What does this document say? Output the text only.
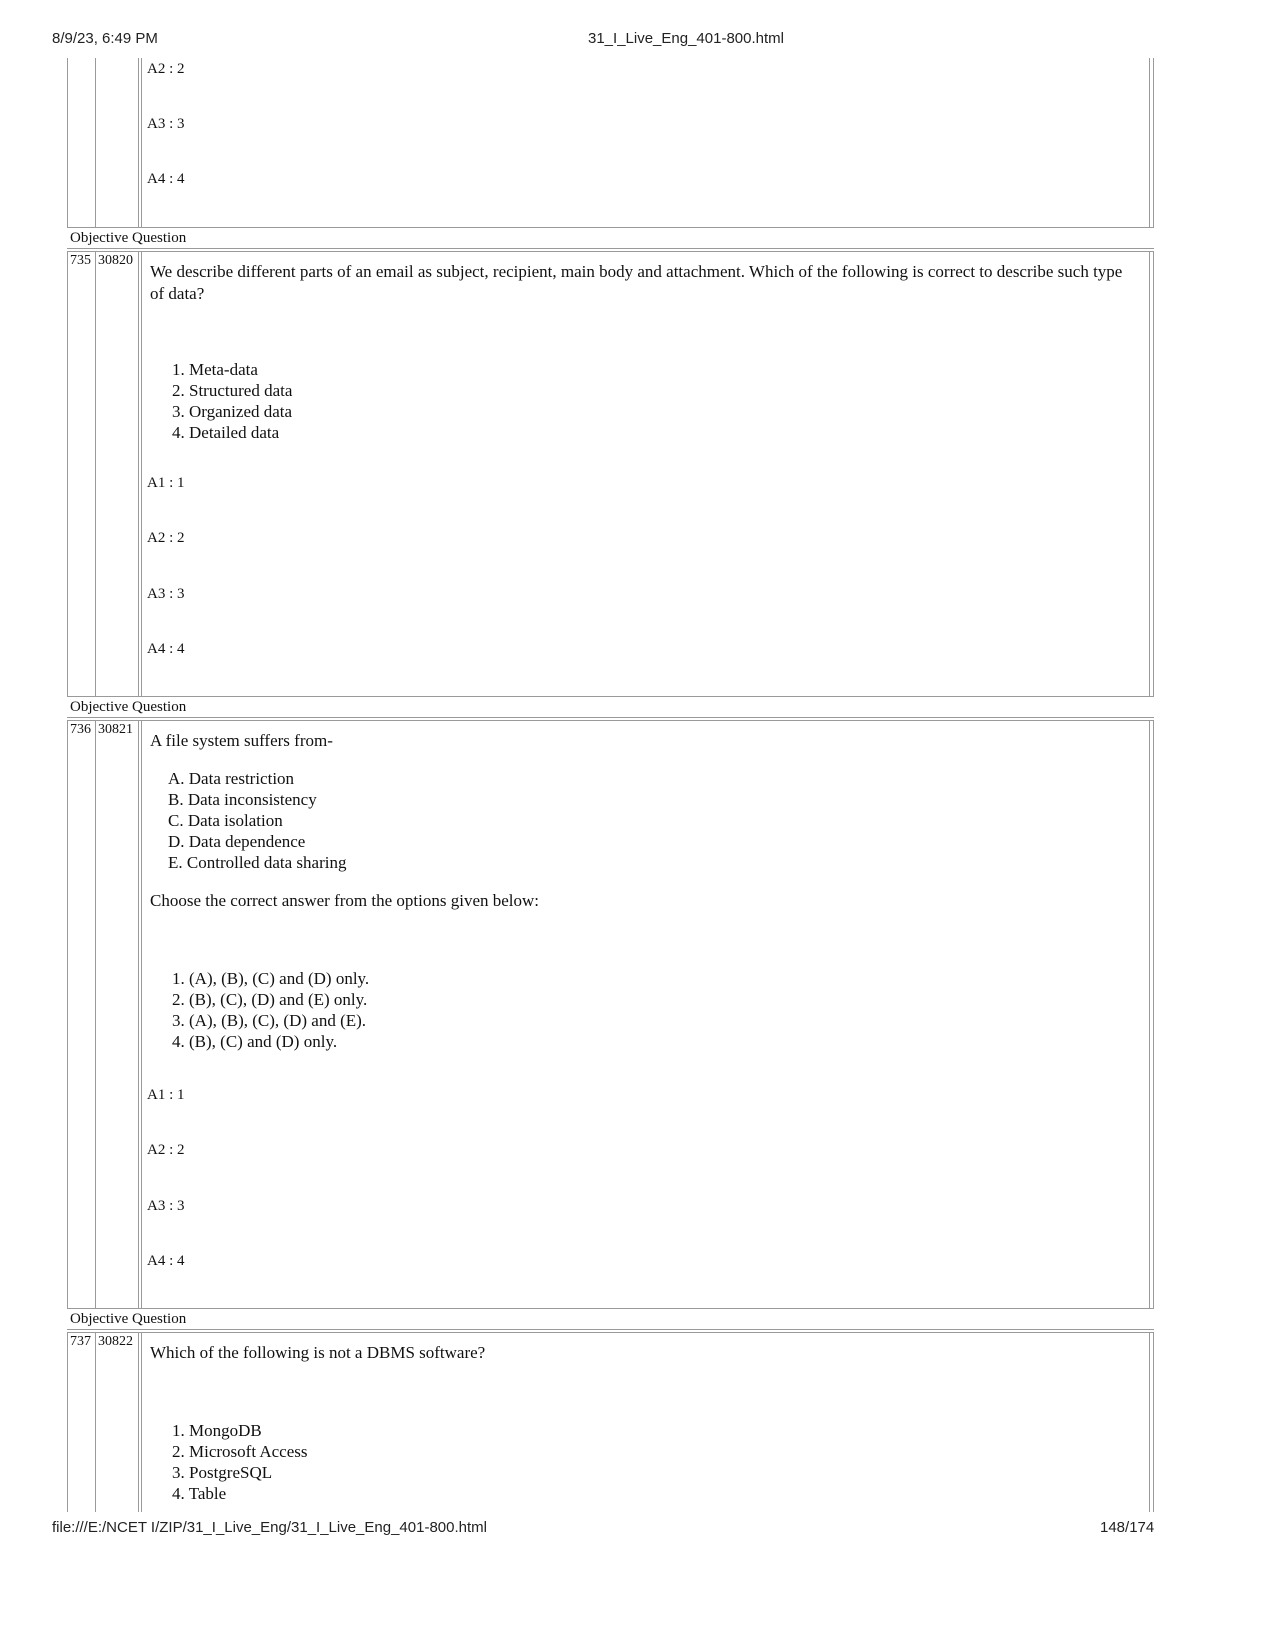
8/9/23, 6:49 PM	31_I_Live_Eng_401-800.html
A2 : 2
A3 : 3
A4 : 4
Objective Question
735 30820
We describe different parts of an email as subject, recipient, main body and attachment. Which of the following is correct to describe such type of data?
1. Meta-data
2. Structured data
3. Organized data
4. Detailed data
A1 : 1
A2 : 2
A3 : 3
A4 : 4
Objective Question
736 30821
A file system suffers from-
A. Data restriction
B. Data inconsistency
C. Data isolation
D. Data dependence
E. Controlled data sharing
Choose the correct answer from the options given below:
1. (A), (B), (C) and (D) only.
2. (B), (C), (D) and (E) only.
3. (A), (B), (C), (D) and (E).
4. (B), (C) and (D) only.
A1 : 1
A2 : 2
A3 : 3
A4 : 4
Objective Question
737 30822
Which of the following is not a DBMS software?
1. MongoDB
2. Microsoft Access
3. PostgreSQL
4. Table
file:///E:/NCET I/ZIP/31_I_Live_Eng/31_I_Live_Eng_401-800.html	148/174
